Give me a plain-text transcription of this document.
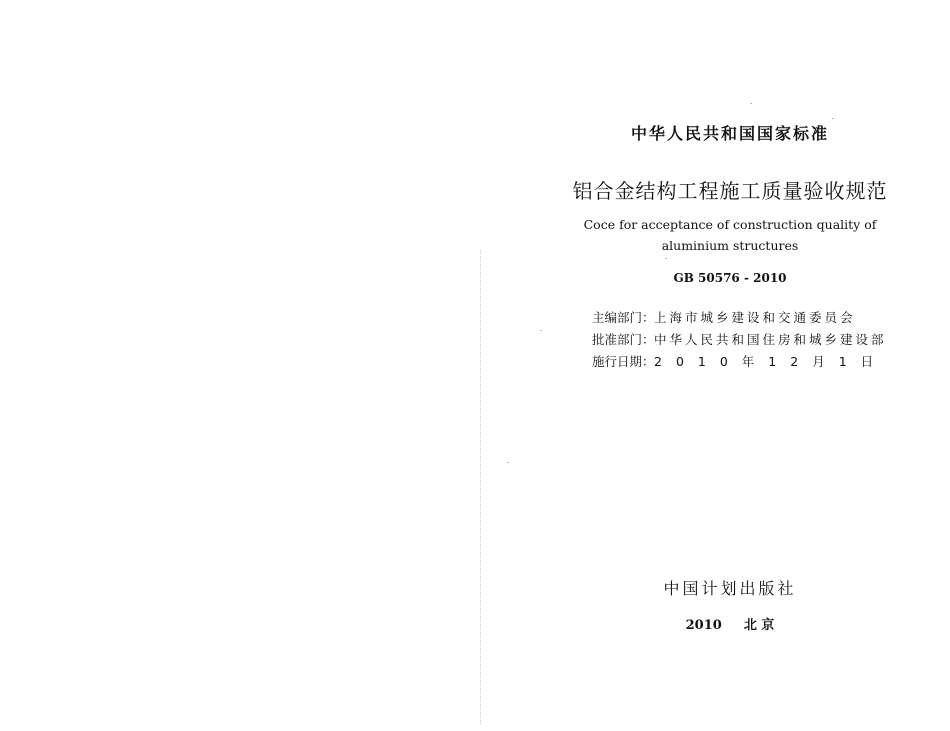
中华人民共和国国家标准
铝合金结构工程施工质量验收规范
Coce for acceptance of construction quality of
aluminium structures
GB 50576 - 2010
主编部门： 上海市城乡建设和交通委员会
批准部门： 中华人民共和国住房和城乡建设部
施行日期： 2010年12月1日
中国计划出版社
2010 北 京
